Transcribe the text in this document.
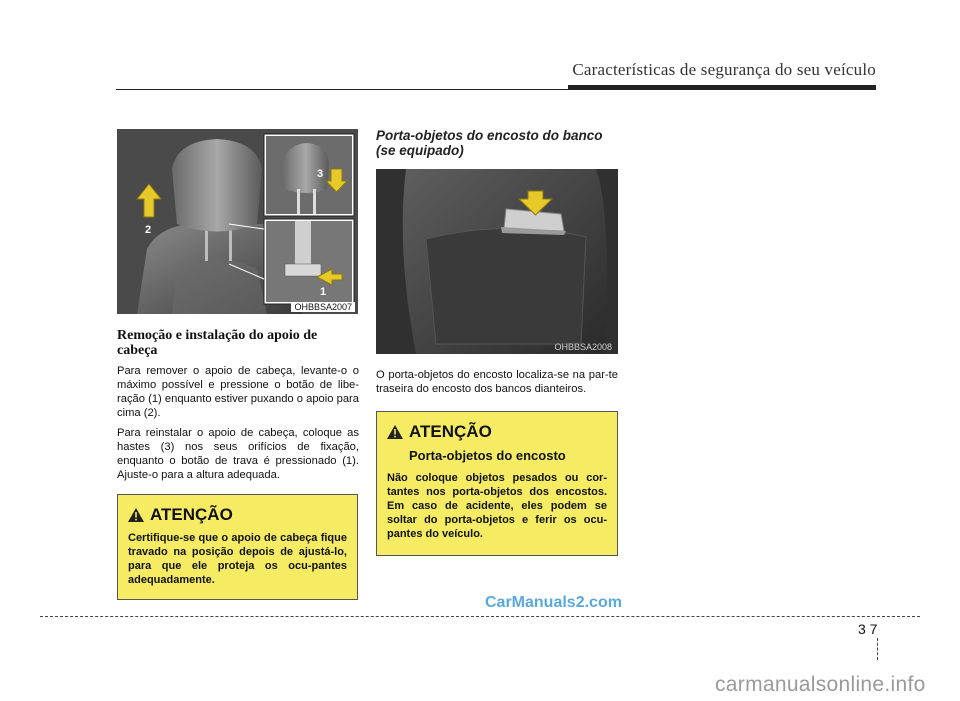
Características de segurança do seu veículo
2
3
1
OHBBSA2007
Remoção e instalação do apoio de cabeça

Para remover o apoio de cabeça, levante-o o máximo possível e pressione o botão de libe-ração (1) enquanto estiver puxando o apoio para cima (2).

Para reinstalar o apoio de cabeça, coloque as hastes (3) nos seus orifícios de fixação, enquanto o botão de trava é pressionado (1). Ajuste-o para a altura adequada.

ATENÇÃO
Certifique-se que o apoio de cabeça fique travado na posição depois de ajustá-lo, para que ele proteja os ocu-pantes adequadamente.
Porta-objetos do encosto do banco (se equipado)
OHBBSA2008

O porta-objetos do encosto localiza-se na par-te traseira do encosto dos bancos dianteiros.

ATENÇÃO
Porta-objetos do encosto
Não coloque objetos pesados ou cor-tantes nos porta-objetos dos encostos. Em caso de acidente, eles podem se soltar do porta-objetos e ferir os ocu-pantes do veículo.
CarManuals2.com
3 7
carmanualsonline.info
